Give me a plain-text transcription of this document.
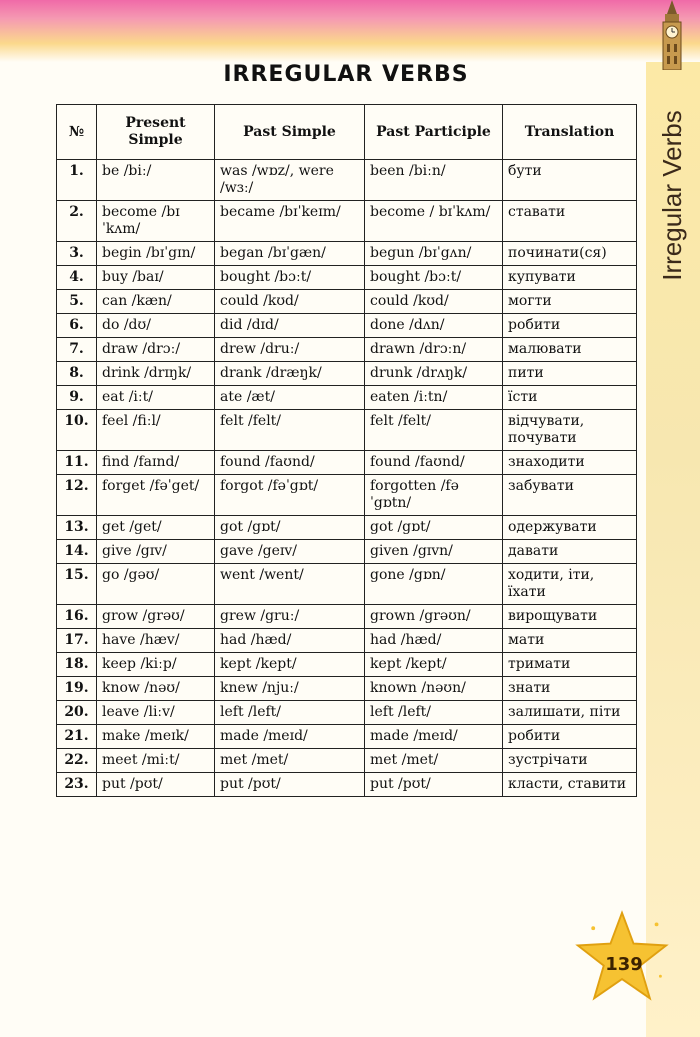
Irregular Verbs
IRREGULAR VERBS
№	Present Simple	Past Simple	Past Participle	Translation
1.	be /biː/	was /wɒz/, were /wɜː/	been /biːn/	бути
2.	become /bɪˈkʌm/	became /bɪˈkeɪm/	become / bɪˈkʌm/	ставати
3.	begin /bɪˈgɪn/	began /bɪˈgæn/	begun /bɪˈgʌn/	починати(ся)
4.	buy /baɪ/	bought /bɔːt/	bought /bɔːt/	купувати
5.	can /kæn/	could /kʊd/	could /kʊd/	могти
6.	do /dʊ/	did /dɪd/	done /dʌn/	робити
7.	draw /drɔː/	drew /druː/	drawn /drɔːn/	малювати
8.	drink /drɪŋk/	drank /dræŋk/	drunk /drʌŋk/	пити
9.	eat /iːt/	ate /æt/	eaten /iːtn/	їсти
10.	feel /fiːl/	felt /felt/	felt /felt/	відчувати, почувати
11.	find /faɪnd/	found /faʊnd/	found /faʊnd/	знаходити
12.	forget /fəˈget/	forgot /fəˈgɒt/	forgotten /fəˈgɒtn/	забувати
13.	get /get/	got /gɒt/	got /gɒt/	одержувати
14.	give /gɪv/	gave /geɪv/	given /gɪvn/	давати
15.	go /gəʊ/	went /went/	gone /gɒn/	ходити, іти, їхати
16.	grow /grəʊ/	grew /gruː/	grown /grəʊn/	вирощувати
17.	have /hæv/	had /hæd/	had /hæd/	мати
18.	keep /kiːp/	kept /kept/	kept /kept/	тримати
19.	know /nəʊ/	knew /njuː/	known /nəʊn/	знати
20.	leave /liːv/	left /left/	left /left/	залишати, піти
21.	make /meɪk/	made /meɪd/	made /meɪd/	робити
22.	meet /miːt/	met /met/	met /met/	зустрічати
23.	put /pʊt/	put /pʊt/	put /pʊt/	класти, ставити
139
